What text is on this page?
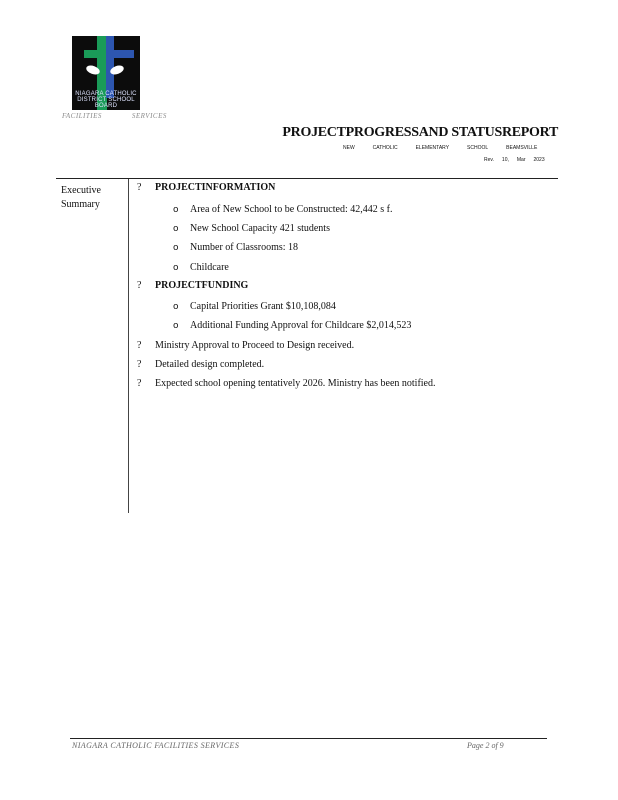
NIAGARA CATHOLIC DISTRICT SCHOOL BOARD
FACILITIES	SERVICES
PROJECTPROGRESSAND STATUSREPORT
NEW	CATHOLIC	ELEMENTARY	SCHOOL	BEAMSVILLE
Rev. 10, Mar 2023
Executive Summary
? PROJECTINFORMATION
o Area of New School to be Constructed: 42,442 s f.
o New School Capacity 421 students
o Number of Classrooms: 18
o Childcare
? PROJECTFUNDING
o Capital Priorities Grant $10,108,084
o Additional Funding Approval for Childcare $2,014,523
? Ministry Approval to Proceed to Design received.
? Detailed design completed.
? Expected school opening tentatively 2026. Ministry has been notified.
NIAGARA CATHOLIC FACILITIES SERVICES	Page 2 of 9
